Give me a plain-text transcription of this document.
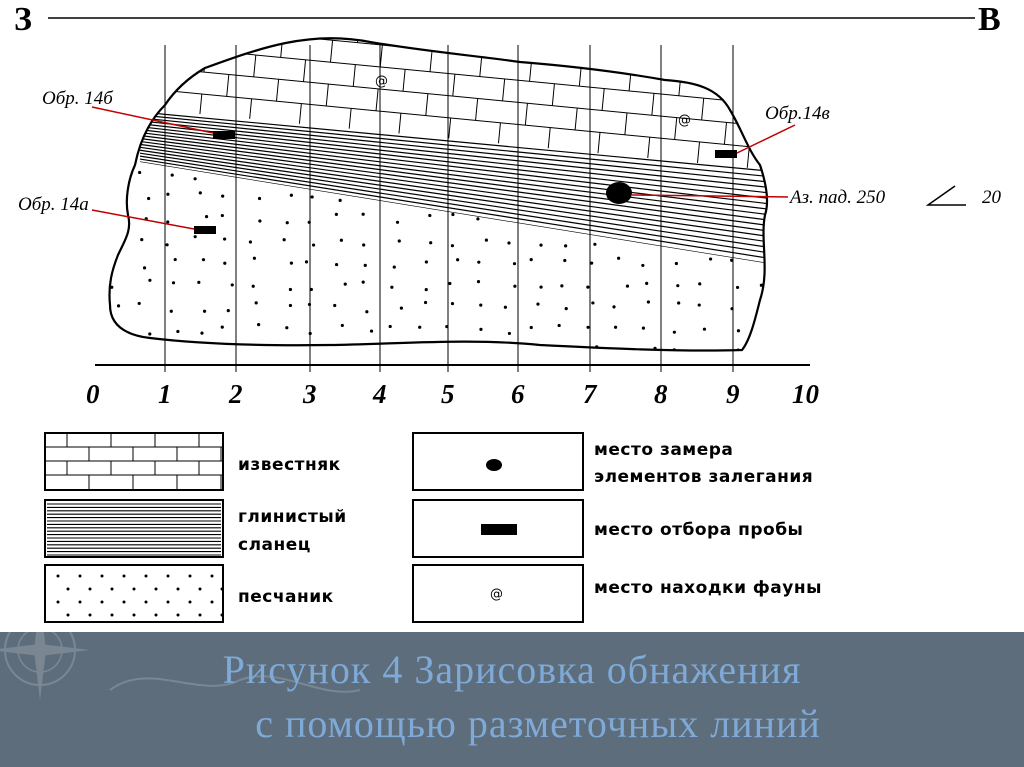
З	В
0 1 2 3 4 5 6 7 8 9 10
@
@
Обр. 14б
Обр. 14а
Обр.14в
Аз. пад. 250	20
известняк
глинистый
сланец
песчаник
место замера
элементов залегания
место отбора пробы
@	место находки фауны
Рисунок 4 Зарисовка обнажения
с помощью разметочных линий
